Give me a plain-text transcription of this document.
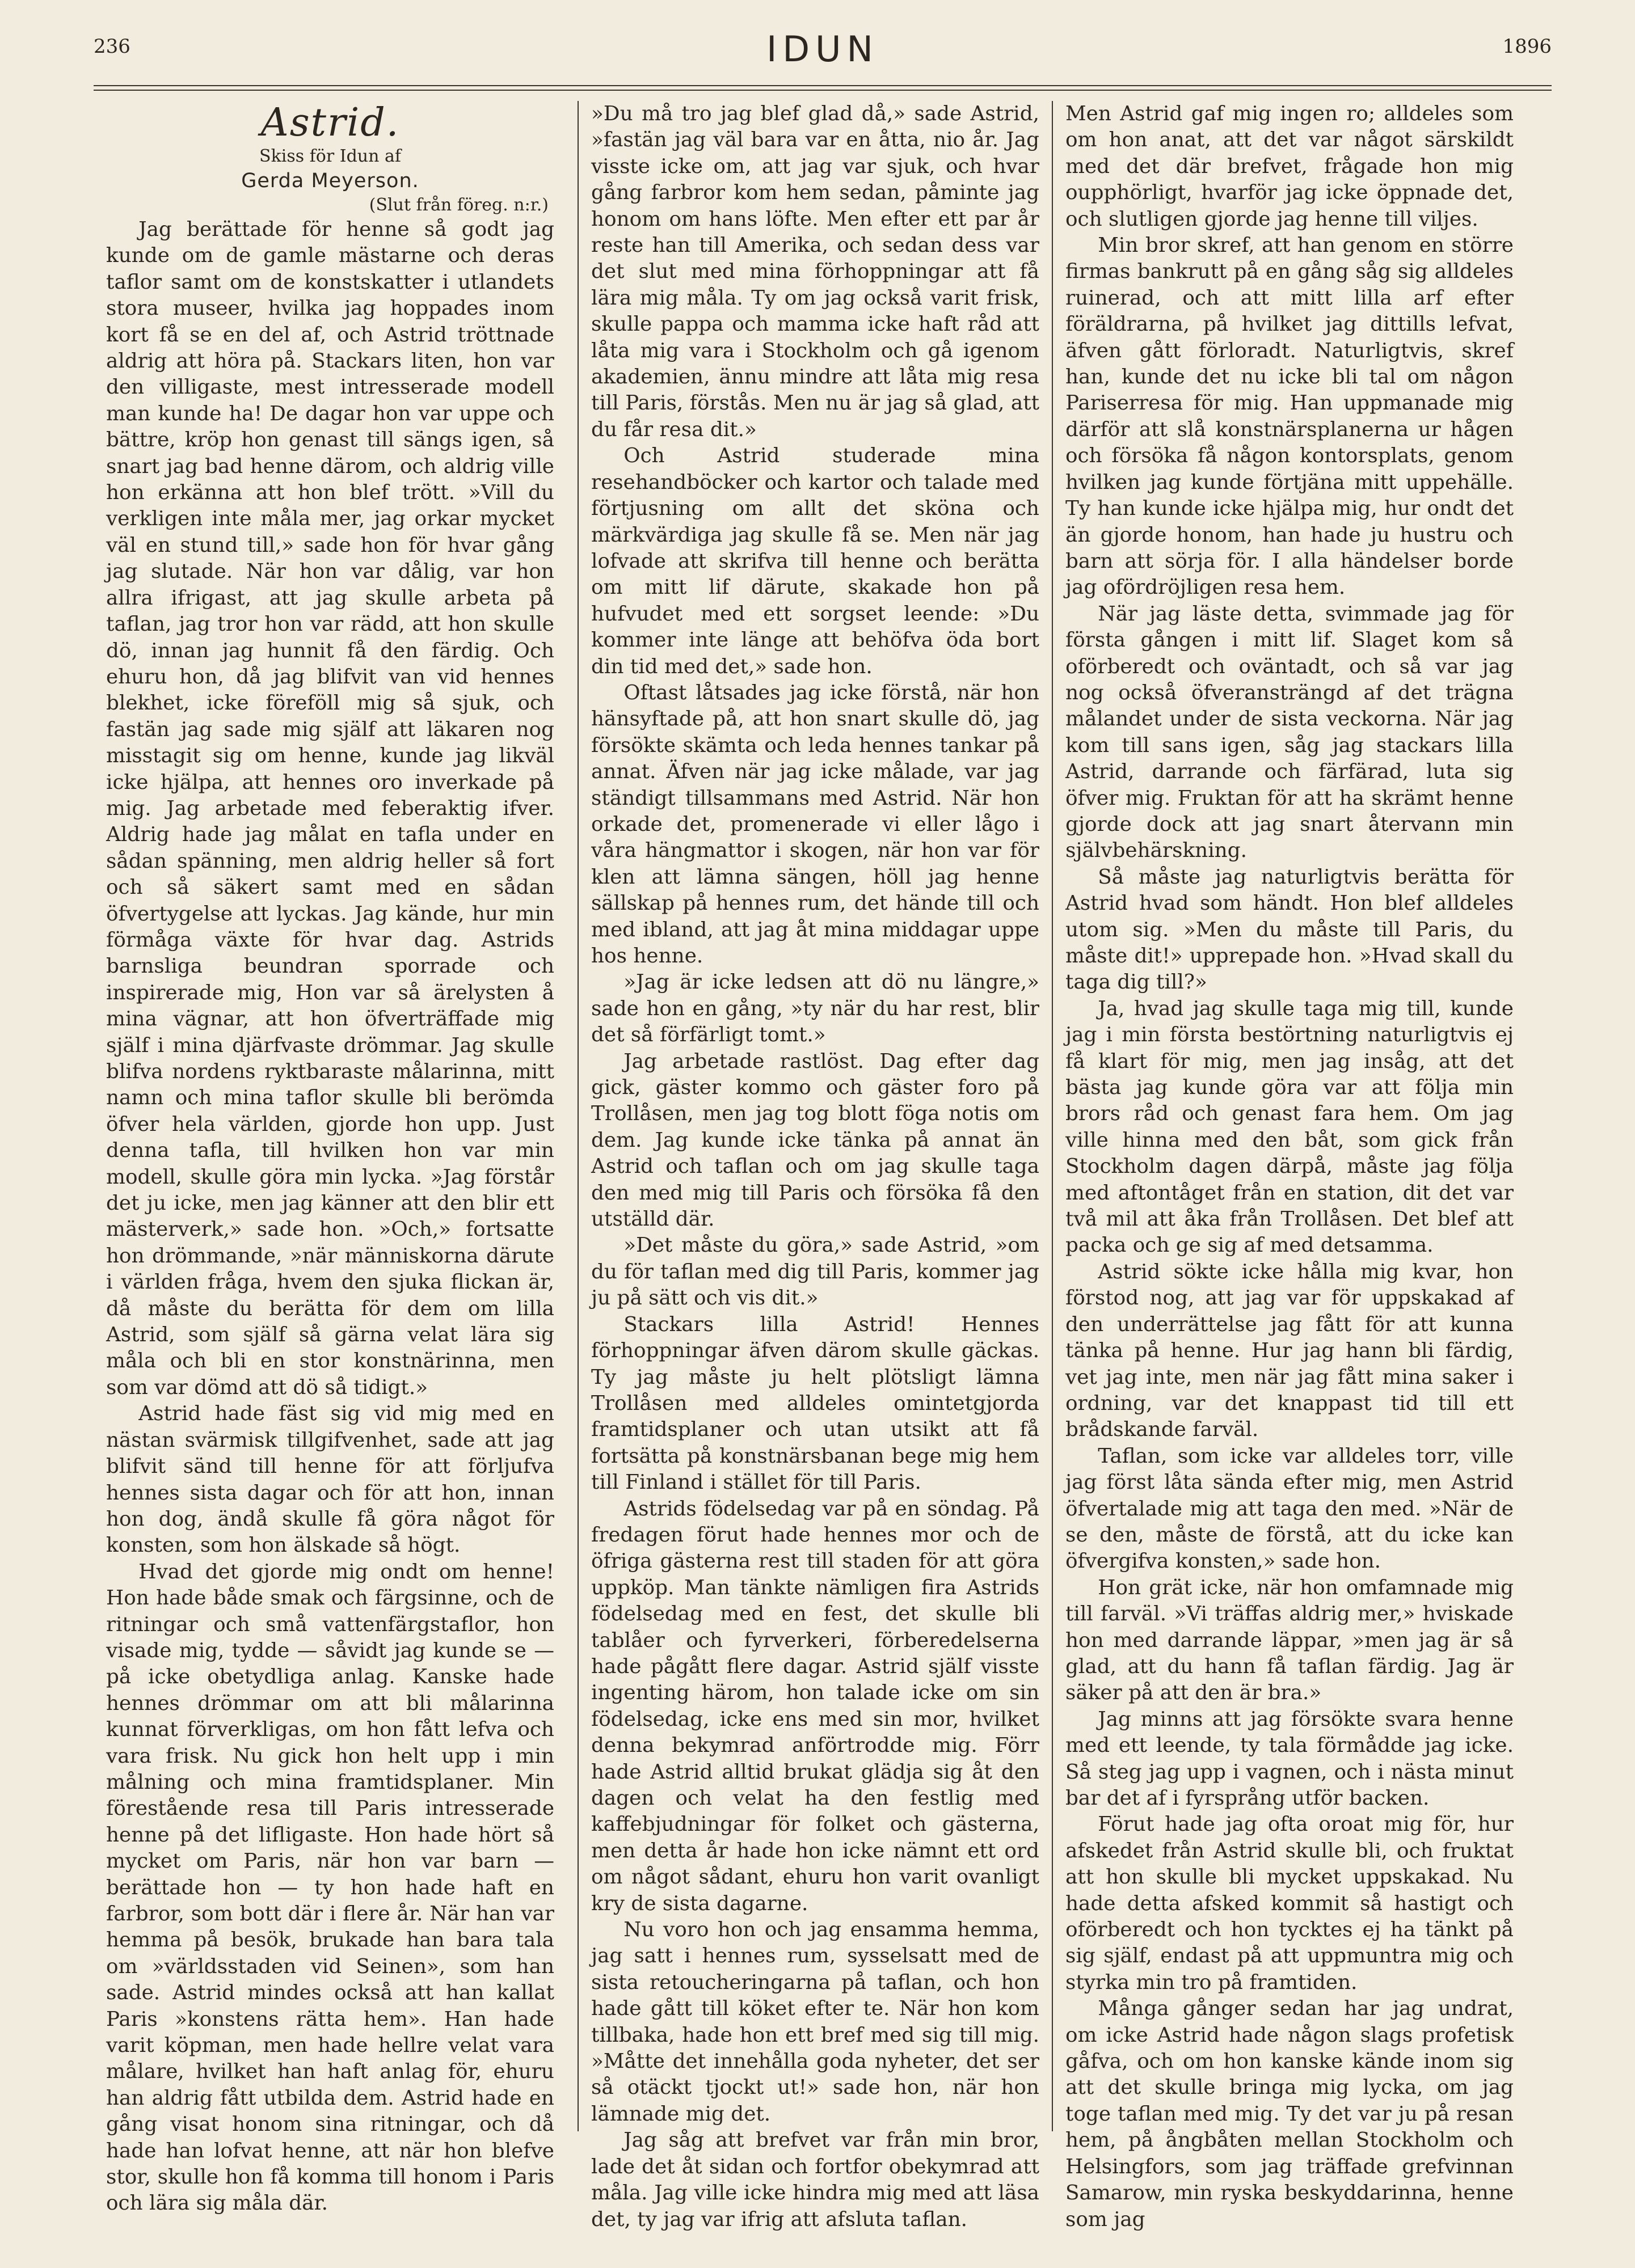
236	IDUN	1896
Astrid.
Skiss för Idun af
Gerda Meyerson.
(Slut från föreg. n:r.)

Jag berättade för henne så godt jag kunde om de gamle mästarne och deras taflor samt om de konstskatter i utlandets stora museer, hvilka jag hoppades inom kort få se en del af, och Astrid tröttnade aldrig att höra på. Stackars liten, hon var den villigaste, mest intresserade modell man kunde ha! De dagar hon var uppe och bättre, kröp hon genast till sängs igen, så snart jag bad henne därom, och aldrig ville hon erkänna att hon blef trött. »Vill du verkligen inte måla mer, jag orkar mycket väl en stund till,» sade hon för hvar gång jag slutade. När hon var dålig, var hon allra ifrigast, att jag skulle arbeta på taflan, jag tror hon var rädd, att hon skulle dö, innan jag hunnit få den färdig. Och ehuru hon, då jag blifvit van vid hennes blekhet, icke föreföll mig så sjuk, och fastän jag sade mig själf att läkaren nog misstagit sig om henne, kunde jag likväl icke hjälpa, att hennes oro inverkade på mig. Jag arbetade med feberaktig ifver. Aldrig hade jag målat en tafla under en sådan spänning, men aldrig heller så fort och så säkert samt med en sådan öfvertygelse att lyckas. Jag kände, hur min förmåga växte för hvar dag. Astrids barnsliga beundran sporrade och inspirerade mig, Hon var så ärelysten å mina vägnar, att hon öfverträffade mig själf i mina djärfvaste drömmar. Jag skulle blifva nordens ryktbaraste målarinna, mitt namn och mina taflor skulle bli berömda öfver hela världen, gjorde hon upp. Just denna tafla, till hvilken hon var min modell, skulle göra min lycka. »Jag förstår det ju icke, men jag känner att den blir ett mästerverk,» sade hon. »Och,» fortsatte hon drömmande, »när människorna därute i världen fråga, hvem den sjuka flickan är, då måste du berätta för dem om lilla Astrid, som själf så gärna velat lära sig måla och bli en stor konstnärinna, men som var dömd att dö så tidigt.»

Astrid hade fäst sig vid mig med en nästan svärmisk tillgifvenhet, sade att jag blifvit sänd till henne för att förljufva hennes sista dagar och för att hon, innan hon dog, ändå skulle få göra något för konsten, som hon älskade så högt.

Hvad det gjorde mig ondt om henne! Hon hade både smak och färgsinne, och de ritningar och små vattenfärgstaflor, hon visade mig, tydde — såvidt jag kunde se — på icke obetydliga anlag. Kanske hade hennes drömmar om att bli målarinna kunnat förverkligas, om hon fått lefva och vara frisk. Nu gick hon helt upp i min målning och mina framtidsplaner. Min förestående resa till Paris intresserade henne på det lifligaste. Hon hade hört så mycket om Paris, när hon var barn — berättade hon — ty hon hade haft en farbror, som bott där i flere år. När han var hemma på besök, brukade han bara tala om »världsstaden vid Seinen», som han sade. Astrid mindes också att han kallat Paris »konstens rätta hem». Han hade varit köpman, men hade hellre velat vara målare, hvilket han haft anlag för, ehuru han aldrig fått utbilda dem. Astrid hade en gång visat honom sina ritningar, och då hade han lofvat henne, att när hon blefve stor, skulle hon få komma till honom i Paris och lära sig måla där.

»Du må tro jag blef glad då,» sade Astrid, »fastän jag väl bara var en åtta, nio år. Jag visste icke om, att jag var sjuk, och hvar gång farbror kom hem sedan, påminte jag honom om hans löfte. Men efter ett par år reste han till Amerika, och sedan dess var det slut med mina förhoppningar att få lära mig måla. Ty om jag också varit frisk, skulle pappa och mamma icke haft råd att låta mig vara i Stockholm och gå igenom akademien, ännu mindre att låta mig resa till Paris, förstås. Men nu är jag så glad, att du får resa dit.»

Och Astrid studerade mina resehandböcker och kartor och talade med förtjusning om allt det sköna och märkvärdiga jag skulle få se. Men när jag lofvade att skrifva till henne och berätta om mitt lif därute, skakade hon på hufvudet med ett sorgset leende: »Du kommer inte länge att behöfva öda bort din tid med det,» sade hon.

Oftast låtsades jag icke förstå, när hon hänsyftade på, att hon snart skulle dö, jag försökte skämta och leda hennes tankar på annat. Äfven när jag icke målade, var jag ständigt tillsammans med Astrid. När hon orkade det, promenerade vi eller lågo i våra hängmattor i skogen, när hon var för klen att lämna sängen, höll jag henne sällskap på hennes rum, det hände till och med ibland, att jag åt mina middagar uppe hos henne.

»Jag är icke ledsen att dö nu längre,» sade hon en gång, »ty när du har rest, blir det så förfärligt tomt.»

Jag arbetade rastlöst. Dag efter dag gick, gäster kommo och gäster foro på Trollåsen, men jag tog blott föga notis om dem. Jag kunde icke tänka på annat än Astrid och taflan och om jag skulle taga den med mig till Paris och försöka få den utställd där.

»Det måste du göra,» sade Astrid, »om du för taflan med dig till Paris, kommer jag ju på sätt och vis dit.»

Stackars lilla Astrid! Hennes förhoppningar äfven därom skulle gäckas. Ty jag måste ju helt plötsligt lämna Trollåsen med alldeles omintetgjorda framtidsplaner och utan utsikt att få fortsätta på konstnärsbanan bege mig hem till Finland i stället för till Paris.

Astrids födelsedag var på en söndag. På fredagen förut hade hennes mor och de öfriga gästerna rest till staden för att göra uppköp. Man tänkte nämligen fira Astrids födelsedag med en fest, det skulle bli tablåer och fyrverkeri, förberedelserna hade pågått flere dagar. Astrid själf visste ingenting härom, hon talade icke om sin födelsedag, icke ens med sin mor, hvilket denna bekymrad anförtrodde mig. Förr hade Astrid alltid brukat glädja sig åt den dagen och velat ha den festlig med kaffebjudningar för folket och gästerna, men detta år hade hon icke nämnt ett ord om något sådant, ehuru hon varit ovanligt kry de sista dagarne.

Nu voro hon och jag ensamma hemma, jag satt i hennes rum, sysselsatt med de sista retoucheringarna på taflan, och hon hade gått till köket efter te. När hon kom tillbaka, hade hon ett bref med sig till mig. »Måtte det innehålla goda nyheter, det ser så otäckt tjockt ut!» sade hon, när hon lämnade mig det.

Jag såg att brefvet var från min bror, lade det åt sidan och fortfor obekymrad att måla. Jag ville icke hindra mig med att läsa det, ty jag var ifrig att afsluta taflan.

Men Astrid gaf mig ingen ro; alldeles som om hon anat, att det var något särskildt med det där brefvet, frågade hon mig oupphörligt, hvarför jag icke öppnade det, och slutligen gjorde jag henne till viljes.

Min bror skref, att han genom en större firmas bankrutt på en gång såg sig alldeles ruinerad, och att mitt lilla arf efter föräldrarna, på hvilket jag dittills lefvat, äfven gått förloradt. Naturligtvis, skref han, kunde det nu icke bli tal om någon Pariserresa för mig. Han uppmanade mig därför att slå konstnärsplanerna ur hågen och försöka få någon kontorsplats, genom hvilken jag kunde förtjäna mitt uppehälle. Ty han kunde icke hjälpa mig, hur ondt det än gjorde honom, han hade ju hustru och barn att sörja för. I alla händelser borde jag ofördröjligen resa hem.

När jag läste detta, svimmade jag för första gången i mitt lif. Slaget kom så oförberedt och oväntadt, och så var jag nog också öfveransträngd af det trägna målandet under de sista veckorna. När jag kom till sans igen, såg jag stackars lilla Astrid, darrande och färfärad, luta sig öfver mig. Fruktan för att ha skrämt henne gjorde dock att jag snart återvann min självbehärskning.

Så måste jag naturligtvis berätta för Astrid hvad som händt. Hon blef alldeles utom sig. »Men du måste till Paris, du måste dit!» upprepade hon. »Hvad skall du taga dig till?»

Ja, hvad jag skulle taga mig till, kunde jag i min första bestörtning naturligtvis ej få klart för mig, men jag insåg, att det bästa jag kunde göra var att följa min brors råd och genast fara hem. Om jag ville hinna med den båt, som gick från Stockholm dagen därpå, måste jag följa med aftontåget från en station, dit det var två mil att åka från Trollåsen. Det blef att packa och ge sig af med detsamma.

Astrid sökte icke hålla mig kvar, hon förstod nog, att jag var för uppskakad af den underrättelse jag fått för att kunna tänka på henne. Hur jag hann bli färdig, vet jag inte, men när jag fått mina saker i ordning, var det knappast tid till ett brådskande farväl.

Taflan, som icke var alldeles torr, ville jag först låta sända efter mig, men Astrid öfvertalade mig att taga den med. »När de se den, måste de förstå, att du icke kan öfvergifva konsten,» sade hon.

Hon grät icke, när hon omfamnade mig till farväl. »Vi träffas aldrig mer,» hviskade hon med darrande läppar, »men jag är så glad, att du hann få taflan färdig. Jag är säker på att den är bra.»

Jag minns att jag försökte svara henne med ett leende, ty tala förmådde jag icke. Så steg jag upp i vagnen, och i nästa minut bar det af i fyrsprång utför backen.

Förut hade jag ofta oroat mig för, hur afskedet från Astrid skulle bli, och fruktat att hon skulle bli mycket uppskakad. Nu hade detta afsked kommit så hastigt och oförberedt och hon tycktes ej ha tänkt på sig själf, endast på att uppmuntra mig och styrka min tro på framtiden.

Många gånger sedan har jag undrat, om icke Astrid hade någon slags profetisk gåfva, och om hon kanske kände inom sig att det skulle bringa mig lycka, om jag toge taflan med mig. Ty det var ju på resan hem, på ångbåten mellan Stockholm och Helsingfors, som jag träffade grefvinnan Samarow, min ryska beskyddarinna, henne som jag
